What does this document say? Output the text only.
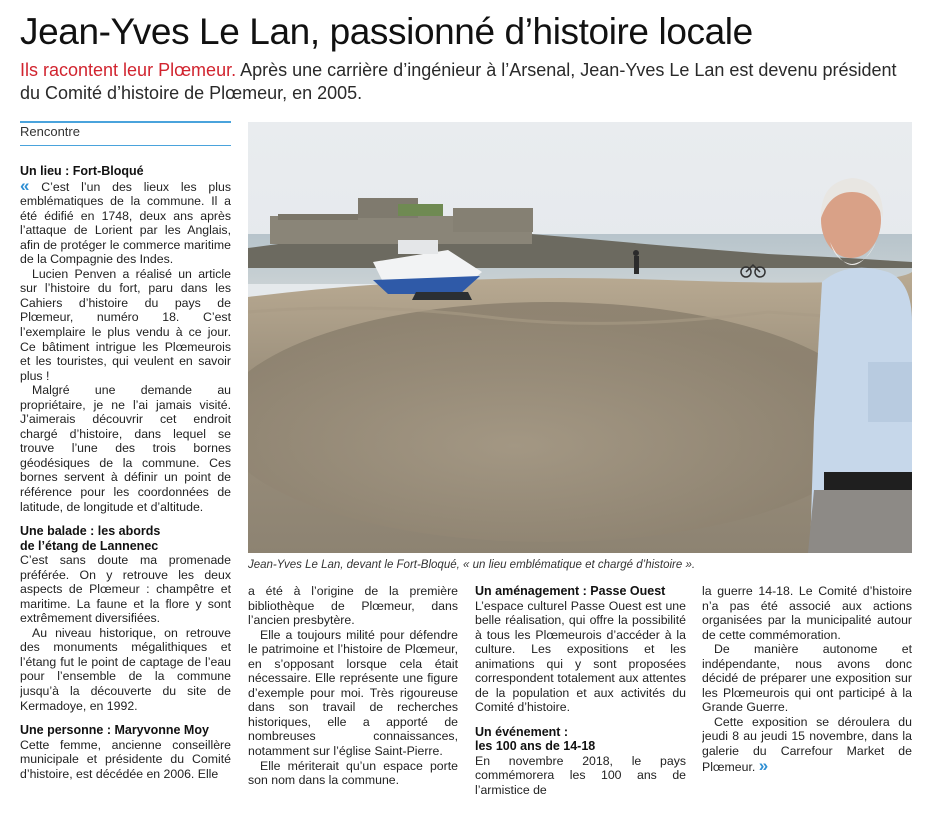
Jean-Yves Le Lan, passionné d’histoire locale
Ils racontent leur Plœmeur. Après une carrière d’ingénieur à l’Arsenal, Jean-Yves Le Lan est devenu président du Comité d’histoire de Plœmeur, en 2005.
Rencontre
Un lieu : Fort-Bloqué

« C’est l’un des lieux les plus emblématiques de la commune. Il a été édifié en 1748, deux ans après l’attaque de Lorient par les Anglais, afin de protéger le commerce maritime de la Compagnie des Indes.

Lucien Penven a réalisé un article sur l’histoire du fort, paru dans les Cahiers d’histoire du pays de Plœmeur, numéro 18. C’est l’exemplaire le plus vendu à ce jour. Ce bâtiment intrigue les Plœmeurois et les touristes, qui veulent en savoir plus !

Malgré une demande au propriétaire, je ne l’ai jamais visité. J’aimerais découvrir cet endroit chargé d’histoire, dans lequel se trouve l’une des trois bornes géodésiques de la commune. Ces bornes servent à définir un point de référence pour les coordonnées de latitude, de longitude et d’altitude.

Une balade : les abords
de l’étang de Lannenec

C’est sans doute ma promenade préférée. On y retrouve les deux aspects de Plœmeur : champêtre et maritime. La faune et la flore y sont extrêmement diversifiées.

Au niveau historique, on retrouve des monuments mégalithiques et l’étang fut le point de captage de l’eau pour l’ensemble de la commune jusqu’à la découverte du site de Kermadoye, en 1992.

Une personne : Maryvonne Moy

Cette femme, ancienne conseillère municipale et présidente du Comité d’histoire, est décédée en 2006. Elle

Jean-Yves Le Lan, devant le Fort-Bloqué, « un lieu emblématique et chargé d’histoire ».

a été à l’origine de la première bibliothèque de Plœmeur, dans l’ancien presbytère.

Elle a toujours milité pour défendre le patrimoine et l’histoire de Plœmeur, en s’opposant lorsque cela était nécessaire. Elle représente une figure d’exemple pour moi. Très rigoureuse dans son travail de recherches historiques, elle a apporté de nombreuses connaissances, notamment sur l’église Saint-Pierre.

Elle mériterait qu’un espace porte son nom dans la commune.

Un aménagement : Passe Ouest

L’espace culturel Passe Ouest est une belle réalisation, qui offre la possibilité à tous les Plœmeurois d’accéder à la culture. Les expositions et les animations qui y sont proposées correspondent totalement aux attentes de la population et aux activités du Comité d’histoire.

Un événement :
les 100 ans de 14-18

En novembre 2018, le pays commémorera les 100 ans de l’armistice de

la guerre 14-18. Le Comité d’histoire n’a pas été associé aux actions organisées par la municipalité autour de cette commémoration.

De manière autonome et indépendante, nous avons donc décidé de préparer une exposition sur les Plœmeurois qui ont participé à la Grande Guerre.

Cette exposition se déroulera du jeudi 8 au jeudi 15 novembre, dans la galerie du Carrefour Market de Plœmeur. »
